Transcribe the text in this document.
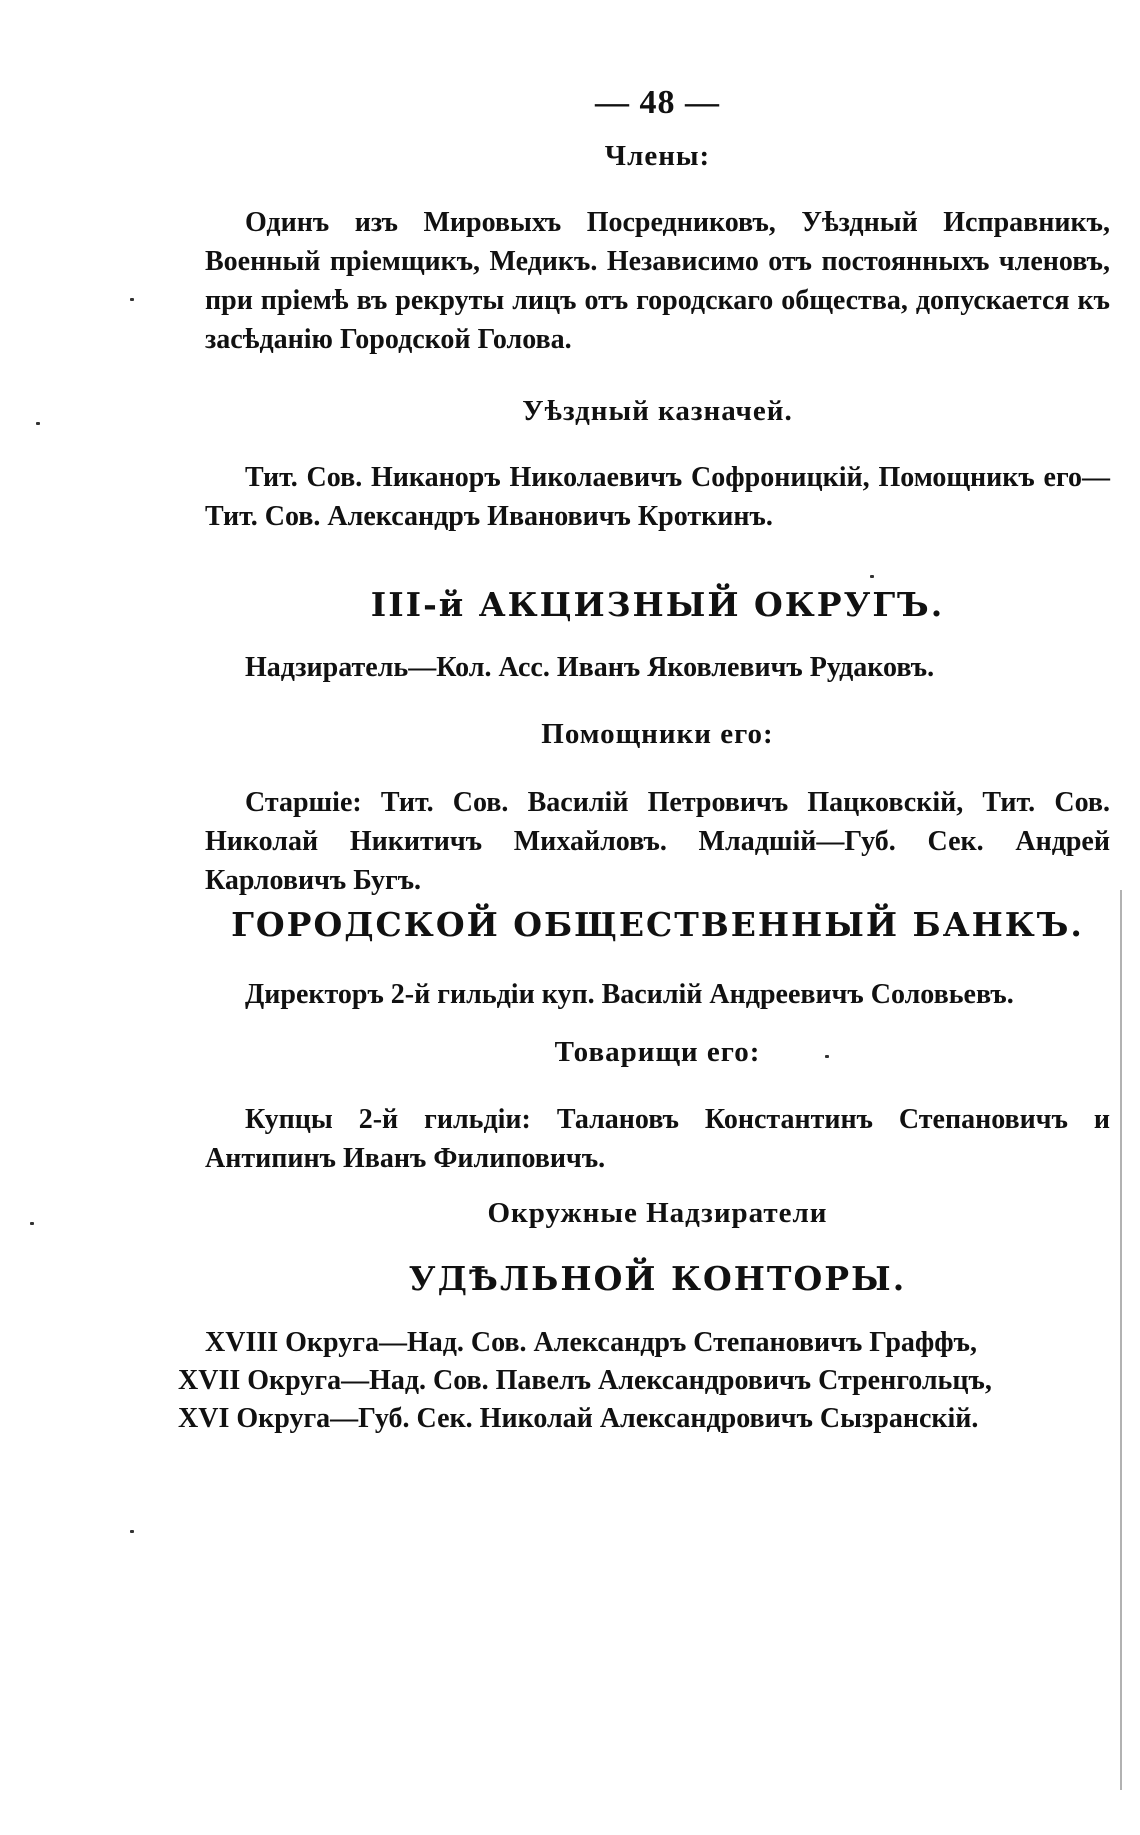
— 48 —
Члены:

Одинъ изъ Мировыхъ Посредниковъ, Уѣздный Исправникъ, Военный пріемщикъ, Медикъ. Независимо отъ постоянныхъ членовъ, при пріемѣ въ рекруты лицъ отъ городскаго общества, допускается къ засѣданію Городской Голова.

Уѣздный казначей.

Тит. Сов. Никаноръ Николаевичъ Софроницкій, Помощникъ его—Тит. Сов. Александръ Ивановичъ Кроткинъ.

III-й АКЦИЗНЫЙ ОКРУГЪ.

Надзиратель—Кол. Асс. Иванъ Яковлевичъ Рудаковъ.

Помощники его:

Старшіе: Тит. Сов. Василій Петровичъ Пацковскій, Тит. Сов. Николай Никитичъ Михайловъ. Младшій—Губ. Сек. Андрей Карловичъ Бугъ.

ГОРОДСКОЙ ОБЩЕСТВЕННЫЙ БАНКЪ.

Директоръ 2-й гильдіи куп. Василій Андреевичъ Соловьевъ.

Товарищи его:

Купцы 2-й гильдіи: Талановъ Константинъ Степановичъ и Антипинъ Иванъ Филиповичъ.

Окружные Надзиратели
УДѢЛЬНОЙ КОНТОРЫ.
XVIII Округа—Над. Сов. Александръ Степановичъ Граффъ,
XVII Округа—Над. Сов. Павелъ Александровичъ Стренгольцъ,
XVI Округа—Губ. Сек. Николай Александровичъ Сызранскій.
